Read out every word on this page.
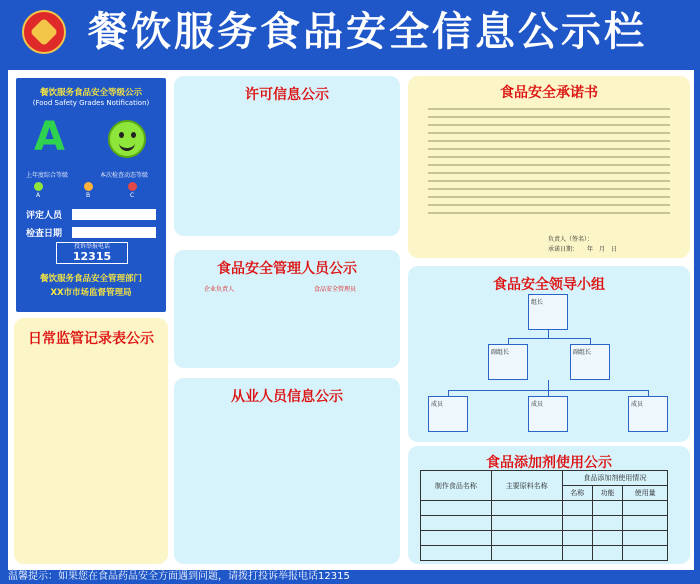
餐饮服务食品安全信息公示栏
餐饮服务食品安全等级公示
(Food Safety Grades Notification)
A
上年度综合等级	本次检查动态等级
A	B	C
评定人员
检查日期
投诉举报电话
12315
餐饮服务食品安全管理部门
XX市市场监督管理局
日常监管记录表公示
许可信息公示
食品安全管理人员公示
企业负责人	食品安全管理员
从业人员信息公示
食品安全承诺书
负责人（签名）：
承诺日期：　　年　月　日
食品安全领导小组
组长
副组长	副组长
成员	成员	成员
食品添加剂使用公示
制作食品名称	主要原料名称	食品添加剂使用情况		
		名称	功能	使用量

温馨提示：如果您在食品药品安全方面遇到问题，请拨打投诉举报电话12315
